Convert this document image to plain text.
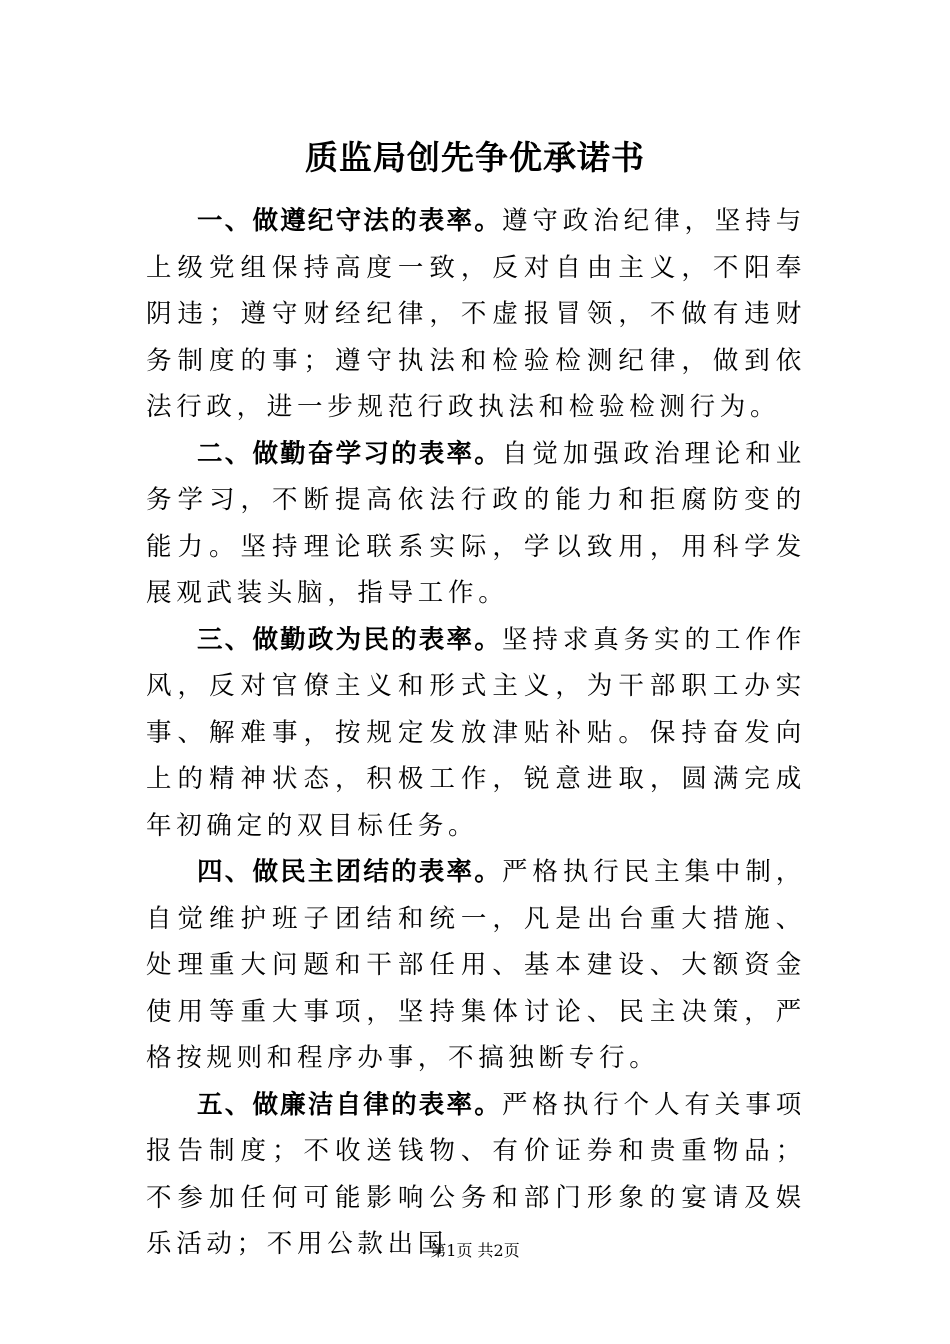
质监局创先争优承诺书

一、做遵纪守法的表率。遵守政治纪律，坚持与上级党组保持高度一致，反对自由主义，不阳奉阴违；遵守财经纪律，不虚报冒领，不做有违财务制度的事；遵守执法和检验检测纪律，做到依法行政，进一步规范行政执法和检验检测行为。

二、做勤奋学习的表率。自觉加强政治理论和业务学习，不断提高依法行政的能力和拒腐防变的能力。坚持理论联系实际，学以致用，用科学发展观武装头脑，指导工作。

三、做勤政为民的表率。坚持求真务实的工作作风，反对官僚主义和形式主义，为干部职工办实事、解难事，按规定发放津贴补贴。保持奋发向上的精神状态，积极工作，锐意进取，圆满完成年初确定的双目标任务。

四、做民主团结的表率。严格执行民主集中制，自觉维护班子团结和统一，凡是出台重大措施、处理重大问题和干部任用、基本建设、大额资金使用等重大事项，坚持集体讨论、民主决策，严格按规则和程序办事，不搞独断专行。

五、做廉洁自律的表率。严格执行个人有关事项报告制度；不收送钱物、有价证券和贵重物品；不参加任何可能影响公务和部门形象的宴请及娱乐活动；不用公款出国

第1页 共2页
